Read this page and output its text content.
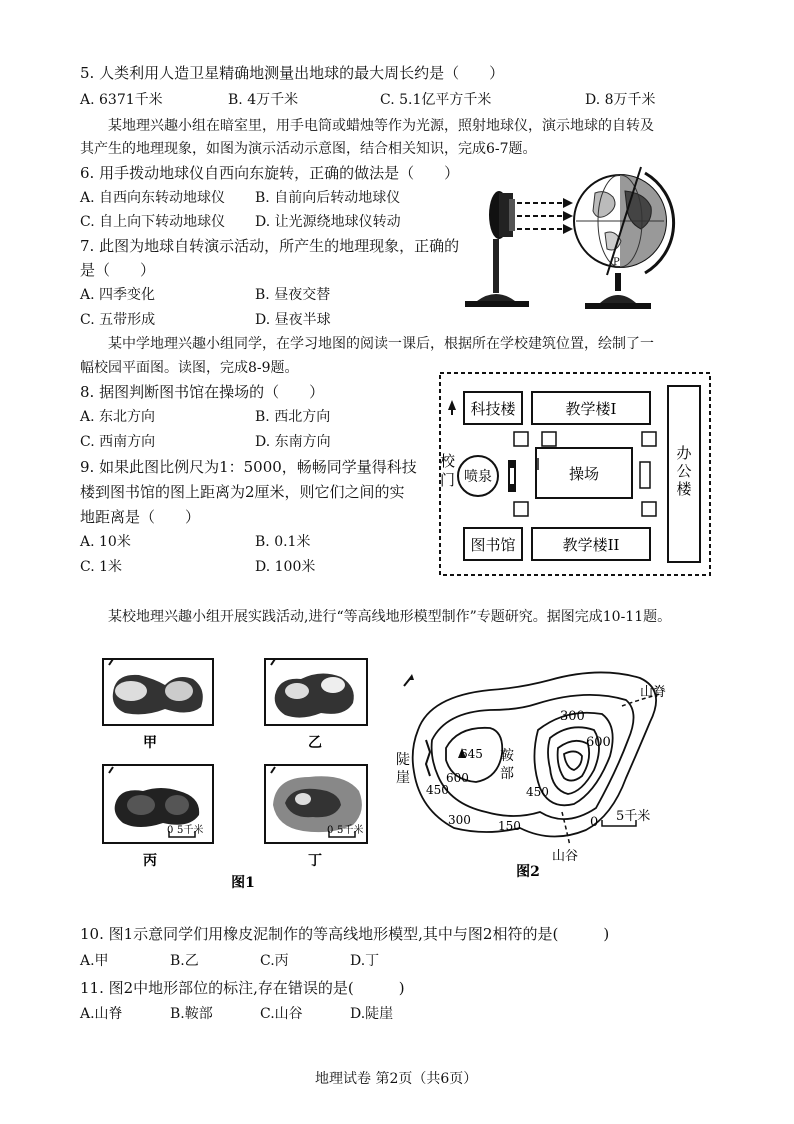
5. 人类利用人造卫星精确地测量出地球的最大周长约是（　　）
A. 6371千米	B. 4万千米	C. 5.1亿平方千米	D. 8万千米
某地理兴趣小组在暗室里，用手电筒或蜡烛等作为光源，照射地球仪，演示地球的自转及
其产生的地理现象，如图为演示活动示意图，结合相关知识，完成6-7题。
6. 用手拨动地球仪自西向东旋转，正确的做法是（　　）
A. 自西向东转动地球仪 B. 自前向后转动地球仪
C. 自上向下转动地球仪 D. 让光源绕地球仪转动
7. 此图为地球自转演示活动，所产生的地理现象，正确的
是（　　）
A. 四季变化	B. 昼夜交替
C. 五带形成	D. 昼夜半球
P
某中学地理兴趣小组同学，在学习地图的阅读一课后，根据所在学校建筑位置，绘制了一
幅校园平面图。读图，完成8-9题。
8. 据图判断图书馆在操场的（　　）
A. 东北方向	B. 西北方向
C. 西南方向	D. 东南方向
9. 如果此图比例尺为1：5000，畅畅同学量得科技
楼到图书馆的图上距离为2厘米，则它们之间的实
地距离是（　　）
A. 10米	B. 0.1米
C. 1米	D. 100米
科技楼	教学楼I
办
公
楼
校
门 喷泉	操场
图书馆	教学楼II
某校地理兴趣小组开展实践活动,进行“等高线地形模型制作”专题研究。据图完成10-11题。
甲	乙
0 5千米
丙
0 5千米
丁
图1
山脊
鞍
部
陡
崖
山谷
300
600
645
600
450
300 150
450
0 5千米
图2
10. 图1示意同学们用橡皮泥制作的等高线地形模型,其中与图2相符的是(　　　)
A.甲	B.乙	C.丙	D.丁
11. 图2中地形部位的标注,存在错误的是(　　　)
A.山脊	B.鞍部	C.山谷	D.陡崖
地理试卷 第2页（共6页）
